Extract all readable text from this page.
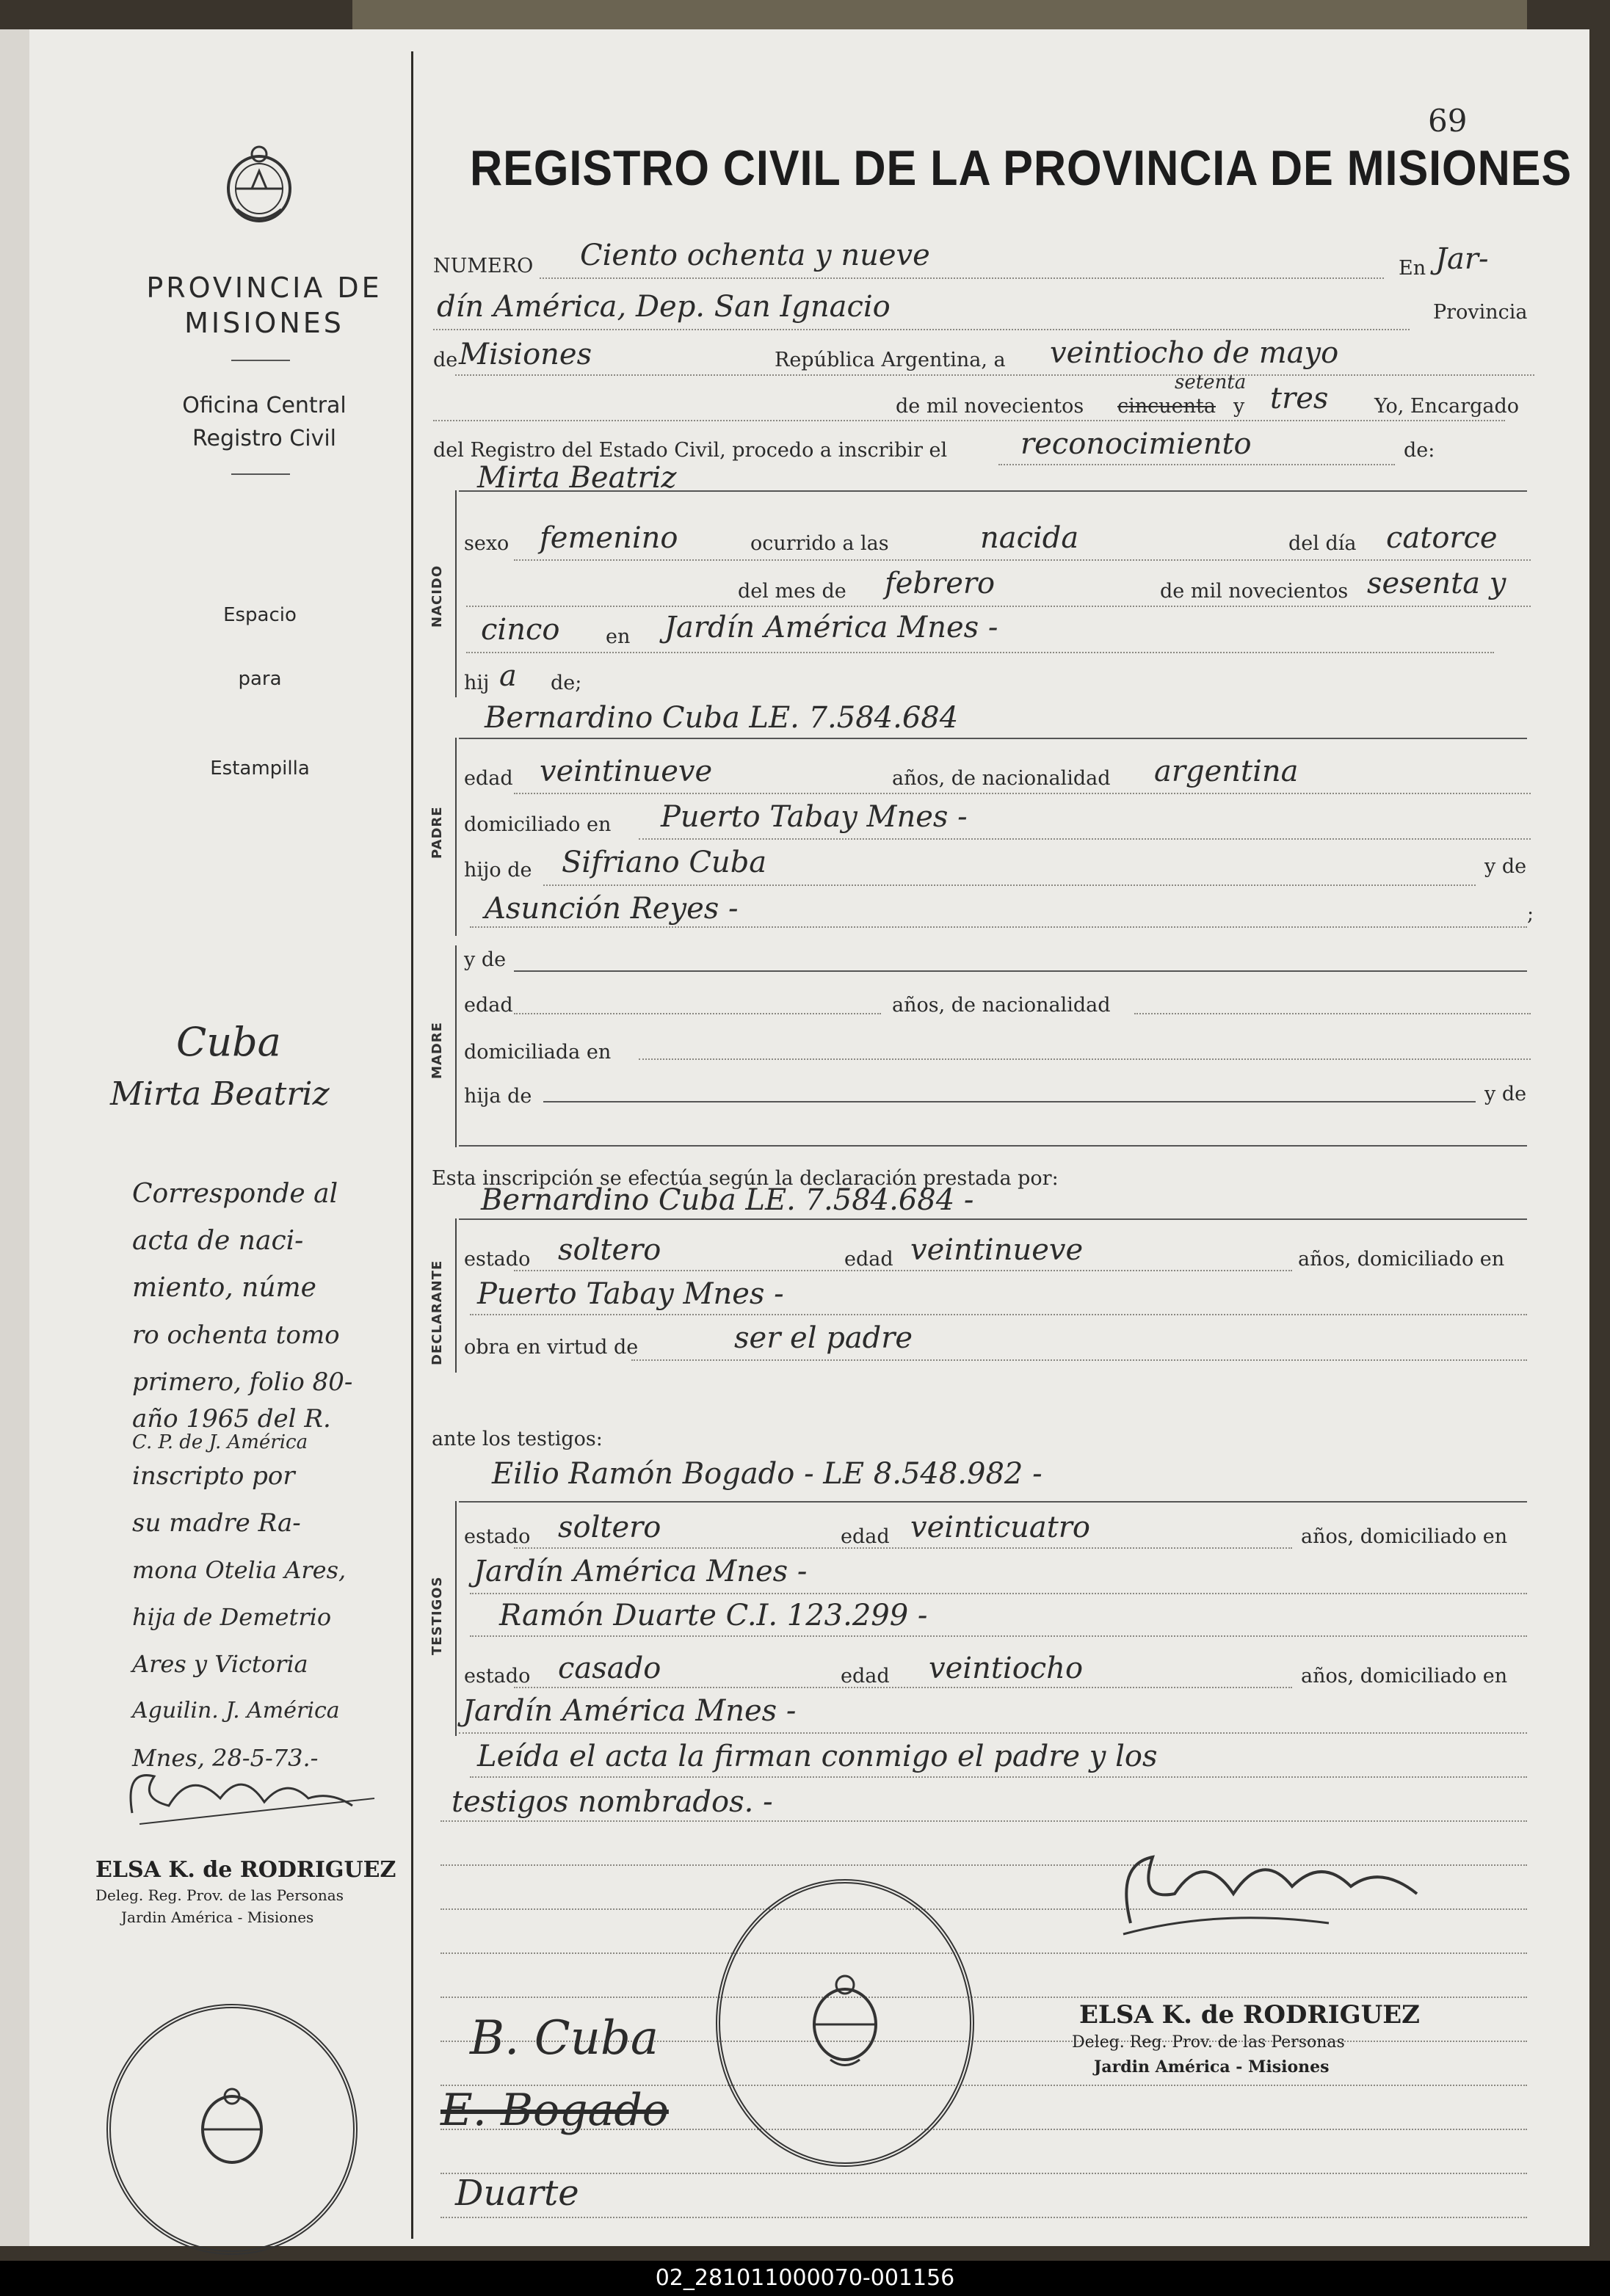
PROVINCIA DE
MISIONES
Oficina Central
Registro Civil
Espacio
para
Estampilla
Cuba
Mirta Beatriz
Corresponde al
acta de naci-
miento, núme
ro ochenta tomo
primero, folio 80-
año 1965 del R.
C. P. de J. América
inscripto por
su madre Ra-
mona Otelia Ares,
hija de Demetrio
Ares y Victoria
Aguilin. J. América
Mnes, 28-5-73.-
ELSA K. de RODRIGUEZ
Deleg. Reg. Prov. de las Personas
Jardin América - Misiones
69
REGISTRO CIVIL DE LA PROVINCIA DE MISIONES
NUMERO Ciento ochenta y nueve	En Jar-
dín América, Dep. San Ignacio	Provincia
de Misiones	República Argentina, a veintiocho de mayo
de mil novecientos
setenta
cincuenta y tres Yo, Encargado
del Registro del Estado Civil, procedo a inscribir el reconocimiento	de:
Mirta Beatriz
NACIDO
sexo femenino	ocurrido a las	nacida	del día catorce
del mes de febrero	de mil novecientos sesenta y
cinco en Jardín América Mnes -
hij a de;
Bernardino Cuba LE. 7.584.684
PADRE
edad veintinueve	años, de nacionalidad argentina
domiciliado en Puerto Tabay Mnes -
hijo de Sifriano Cuba	y de
Asunción Reyes -	;
MADRE
y de
edad	años, de nacionalidad
domiciliada en
hija de	y de
Esta inscripción se efectúa según la declaración prestada por:
Bernardino Cuba LE. 7.584.684 -
DECLARANTE
estado soltero	edad veintinueve	años, domiciliado en
Puerto Tabay Mnes -
obra en virtud de	ser el padre
ante los testigos:
Eilio Ramón Bogado - LE 8.548.982 -
TESTIGOS
estado soltero	edad veinticuatro	años, domiciliado en
Jardín América Mnes -
Ramón Duarte C.I. 123.299 -
estado casado	edad veintiocho	años, domiciliado en
Jardín América Mnes -
Leída el acta la firman conmigo el padre y los
testigos nombrados. -
ELSA K. de RODRIGUEZ
Deleg. Reg. Prov. de las Personas
Jardin América - Misiones
B. Cuba
E. Bogado
Duarte
02_281011000070-001156
